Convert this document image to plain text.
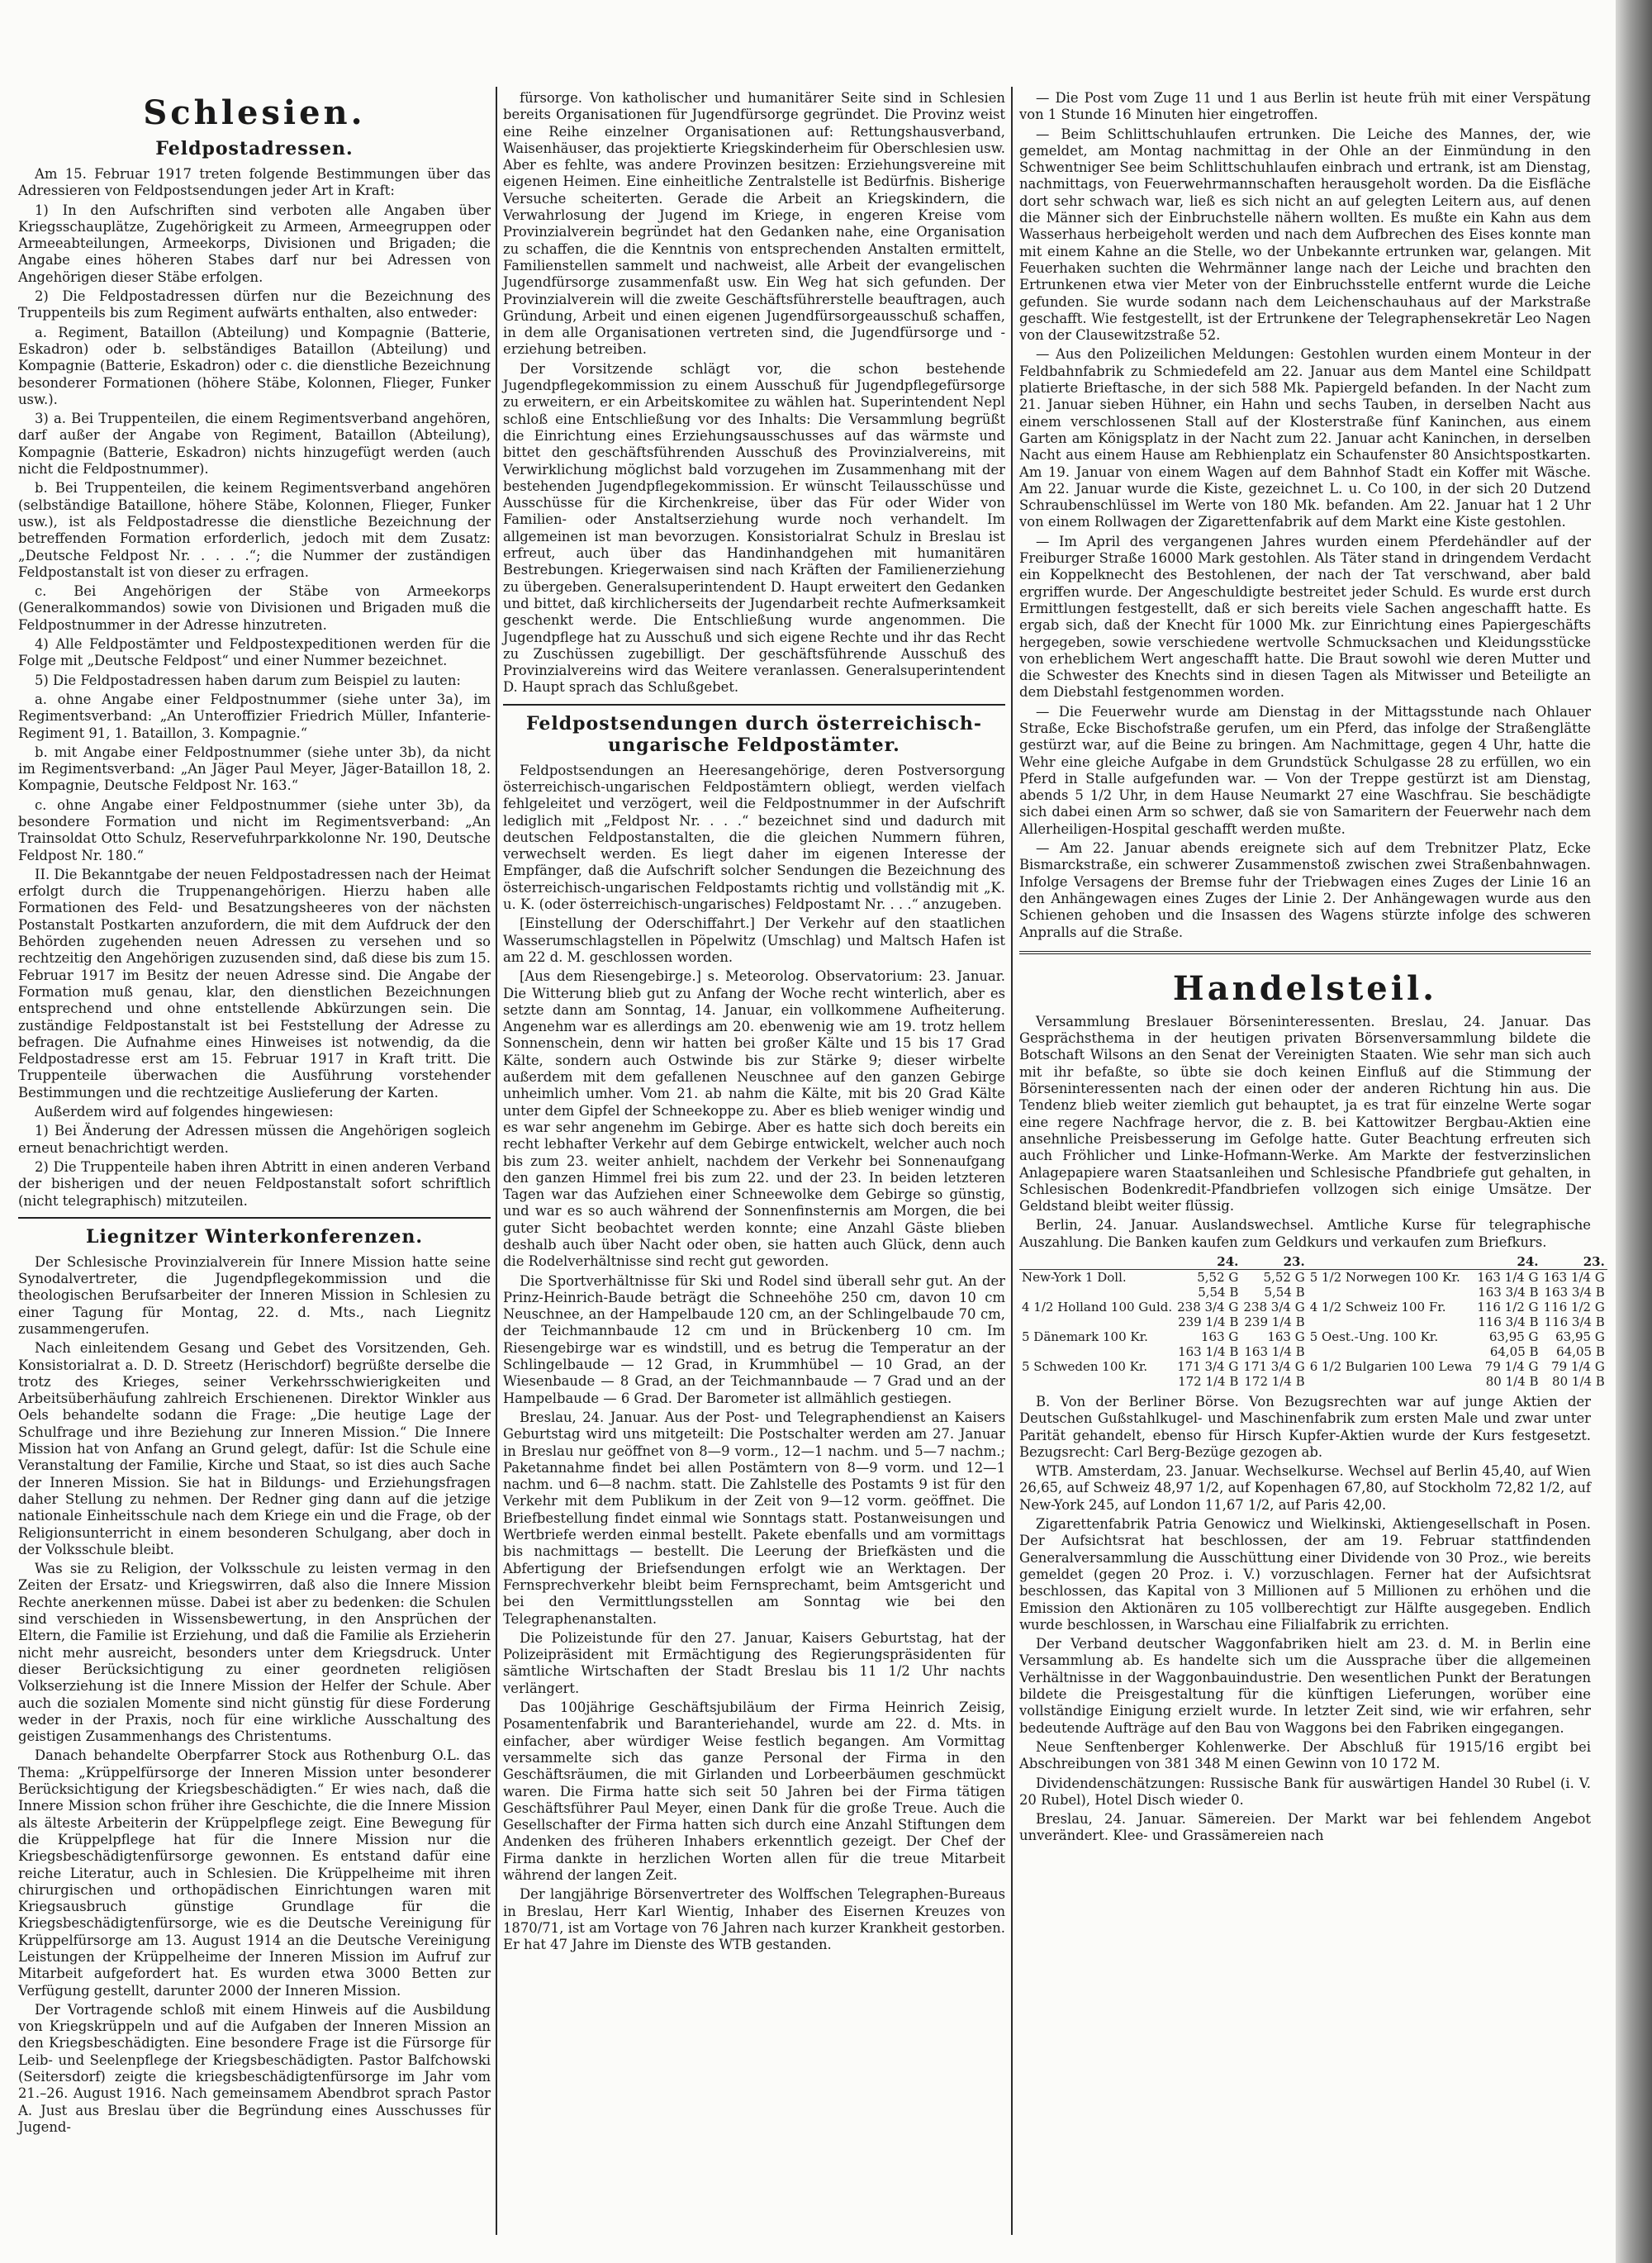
Schlesien.
Feldpostadressen.

Am 15. Februar 1917 treten folgende Bestimmungen über das Adressieren von Feldpostsendungen jeder Art in Kraft:

1) In den Aufschriften sind verboten alle Angaben über Kriegsschauplätze, Zugehörigkeit zu Armeen, Armeegruppen oder Armeeabteilungen, Armeekorps, Divisionen und Brigaden; die Angabe eines höheren Stabes darf nur bei Adressen von Angehörigen dieser Stäbe erfolgen.

2) Die Feldpostadressen dürfen nur die Bezeichnung des Truppenteils bis zum Regiment aufwärts enthalten, also entweder:

a. Regiment, Bataillon (Abteilung) und Kompagnie (Batterie, Eskadron) oder b. selbständiges Bataillon (Abteilung) und Kompagnie (Batterie, Eskadron) oder c. die dienstliche Bezeichnung besonderer Formationen (höhere Stäbe, Kolonnen, Flieger, Funker usw.).

3) a. Bei Truppenteilen, die einem Regimentsverband angehören, darf außer der Angabe von Regiment, Bataillon (Abteilung), Kompagnie (Batterie, Eskadron) nichts hinzugefügt werden (auch nicht die Feldpostnummer).

b. Bei Truppenteilen, die keinem Regimentsverband angehören (selbständige Bataillone, höhere Stäbe, Kolonnen, Flieger, Funker usw.), ist als Feldpostadresse die dienstliche Bezeichnung der betreffenden Formation erforderlich, jedoch mit dem Zusatz: „Deutsche Feldpost Nr. . . . .“; die Nummer der zuständigen Feldpostanstalt ist von dieser zu erfragen.

c. Bei Angehörigen der Stäbe von Armeekorps (Generalkommandos) sowie von Divisionen und Brigaden muß die Feldpostnummer in der Adresse hinzutreten.

4) Alle Feldpostämter und Feldpostexpeditionen werden für die Folge mit „Deutsche Feldpost“ und einer Nummer bezeichnet.

5) Die Feldpostadressen haben darum zum Beispiel zu lauten:

a. ohne Angabe einer Feldpostnummer (siehe unter 3a), im Regimentsverband: „An Unteroffizier Friedrich Müller, Infanterie-Regiment 91, 1. Bataillon, 3. Kompagnie.“

b. mit Angabe einer Feldpostnummer (siehe unter 3b), da nicht im Regimentsverband: „An Jäger Paul Meyer, Jäger-Bataillon 18, 2. Kompagnie, Deutsche Feldpost Nr. 163.“

c. ohne Angabe einer Feldpostnummer (siehe unter 3b), da besondere Formation und nicht im Regimentsverband: „An Trainsoldat Otto Schulz, Reservefuhrparkkolonne Nr. 190, Deutsche Feldpost Nr. 180.“

II. Die Bekanntgabe der neuen Feldpostadressen nach der Heimat erfolgt durch die Truppenangehörigen. Hierzu haben alle Formationen des Feld- und Besatzungsheeres von der nächsten Postanstalt Postkarten anzufordern, die mit dem Aufdruck der den Behörden zugehenden neuen Adressen zu versehen und so rechtzeitig den Angehörigen zuzusenden sind, daß diese bis zum 15. Februar 1917 im Besitz der neuen Adresse sind. Die Angabe der Formation muß genau, klar, den dienstlichen Bezeichnungen entsprechend und ohne entstellende Abkürzungen sein. Die zuständige Feldpostanstalt ist bei Feststellung der Adresse zu befragen. Die Aufnahme eines Hinweises ist notwendig, da die Feldpostadresse erst am 15. Februar 1917 in Kraft tritt. Die Truppenteile überwachen die Ausführung vorstehender Bestimmungen und die rechtzeitige Auslieferung der Karten.

Außerdem wird auf folgendes hingewiesen:

1) Bei Änderung der Adressen müssen die Angehörigen sogleich erneut benachrichtigt werden.

2) Die Truppenteile haben ihren Abtritt in einen anderen Verband der bisherigen und der neuen Feldpostanstalt sofort schriftlich (nicht telegraphisch) mitzuteilen.

Liegnitzer Winterkonferenzen.

Der Schlesische Provinzialverein für Innere Mission hatte seine Synodalvertreter, die Jugendpflegekommission und die theologischen Berufsarbeiter der Inneren Mission in Schlesien zu einer Tagung für Montag, 22. d. Mts., nach Liegnitz zusammengerufen.

Nach einleitendem Gesang und Gebet des Vorsitzenden, Geh. Konsistorialrat a. D. D. Streetz (Herischdorf) begrüßte derselbe die trotz des Krieges, seiner Verkehrsschwierigkeiten und Arbeitsüberhäufung zahlreich Erschienenen. Direktor Winkler aus Oels behandelte sodann die Frage: „Die heutige Lage der Schulfrage und ihre Beziehung zur Inneren Mission.“ Die Innere Mission hat von Anfang an Grund gelegt, dafür: Ist die Schule eine Veranstaltung der Familie, Kirche und Staat, so ist dies auch Sache der Inneren Mission. Sie hat in Bildungs- und Erziehungsfragen daher Stellung zu nehmen. Der Redner ging dann auf die jetzige nationale Einheitsschule nach dem Kriege ein und die Frage, ob der Religionsunterricht in einem besonderen Schulgang, aber doch in der Volksschule bleibt.

Was sie zu Religion, der Volksschule zu leisten vermag in den Zeiten der Ersatz- und Kriegswirren, daß also die Innere Mission Rechte anerkennen müsse. Dabei ist aber zu bedenken: die Schulen sind verschieden in Wissensbewertung, in den Ansprüchen der Eltern, die Familie ist Erziehung, und daß die Familie als Erzieherin nicht mehr ausreicht, besonders unter dem Kriegsdruck. Unter dieser Berücksichtigung zu einer geordneten religiösen Volkserziehung ist die Innere Mission der Helfer der Schule. Aber auch die sozialen Momente sind nicht günstig für diese Forderung weder in der Praxis, noch für eine wirkliche Ausschaltung des geistigen Zusammenhangs des Christentums.

Danach behandelte Oberpfarrer Stock aus Rothenburg O.L. das Thema: „Krüppelfürsorge der Inneren Mission unter besonderer Berücksichtigung der Kriegsbeschädigten.“ Er wies nach, daß die Innere Mission schon früher ihre Geschichte, die die Innere Mission als älteste Arbeiterin der Krüppelpflege zeigt. Eine Bewegung für die Krüppelpflege hat für die Innere Mission nur die Kriegsbeschädigtenfürsorge gewonnen. Es entstand dafür eine reiche Literatur, auch in Schlesien. Die Krüppelheime mit ihren chirurgischen und orthopädischen Einrichtungen waren mit Kriegsausbruch günstige Grundlage für die Kriegsbeschädigtenfürsorge, wie es die Deutsche Vereinigung für Krüppelfürsorge am 13. August 1914 an die Deutsche Vereinigung Leistungen der Krüppelheime der Inneren Mission im Aufruf zur Mitarbeit aufgefordert hat. Es wurden etwa 3000 Betten zur Verfügung gestellt, darunter 2000 der Inneren Mission.

Der Vortragende schloß mit einem Hinweis auf die Ausbildung von Kriegskrüppeln und auf die Aufgaben der Inneren Mission an den Kriegsbeschädigten. Eine besondere Frage ist die Fürsorge für Leib- und Seelenpflege der Kriegsbeschädigten. Pastor Balfchowski (Seitersdorf) zeigte die kriegsbeschädigtenfürsorge im Jahr vom 21.–26. August 1916. Nach gemeinsamem Abendbrot sprach Pastor A. Just aus Breslau über die Begründung eines Ausschusses für Jugend-

fürsorge. Von katholischer und humanitärer Seite sind in Schlesien bereits Organisationen für Jugendfürsorge gegründet. Die Provinz weist eine Reihe einzelner Organisationen auf: Rettungshausverband, Waisenhäuser, das projektierte Kriegskinderheim für Oberschlesien usw. Aber es fehlte, was andere Provinzen besitzen: Erziehungsvereine mit eigenen Heimen. Eine einheitliche Zentralstelle ist Bedürfnis. Bisherige Versuche scheiterten. Gerade die Arbeit an Kriegskindern, die Verwahrlosung der Jugend im Kriege, in engeren Kreise vom Provinzialverein begründet hat den Gedanken nahe, eine Organisation zu schaffen, die die Kenntnis von entsprechenden Anstalten ermittelt, Familienstellen sammelt und nachweist, alle Arbeit der evangelischen Jugendfürsorge zusammenfaßt usw. Ein Weg hat sich gefunden. Der Provinzialverein will die zweite Geschäftsführerstelle beauftragen, auch Gründung, Arbeit und einen eigenen Jugendfürsorgeausschuß schaffen, in dem alle Organisationen vertreten sind, die Jugendfürsorge und -erziehung betreiben.

Der Vorsitzende schlägt vor, die schon bestehende Jugendpflegekommission zu einem Ausschuß für Jugendpflegefürsorge zu erweitern, er ein Arbeitskomitee zu wählen hat. Superintendent Nepl schloß eine Entschließung vor des Inhalts: Die Versammlung begrüßt die Einrichtung eines Erziehungsausschusses auf das wärmste und bittet den geschäftsführenden Ausschuß des Provinzialvereins, mit Verwirklichung möglichst bald vorzugehen im Zusammenhang mit der bestehenden Jugendpflegekommission. Er wünscht Teilausschüsse und Ausschüsse für die Kirchenkreise, über das Für oder Wider von Familien- oder Anstaltserziehung wurde noch verhandelt. Im allgemeinen ist man bevorzugen. Konsistorialrat Schulz in Breslau ist erfreut, auch über das Handinhandgehen mit humanitären Bestrebungen. Kriegerwaisen sind nach Kräften der Familienerziehung zu übergeben. Generalsuperintendent D. Haupt erweitert den Gedanken und bittet, daß kirchlicherseits der Jugendarbeit rechte Aufmerksamkeit geschenkt werde. Die Entschließung wurde angenommen. Die Jugendpflege hat zu Ausschuß und sich eigene Rechte und ihr das Recht zu Zuschüssen zugebilligt. Der geschäftsführende Ausschuß des Provinzialvereins wird das Weitere veranlassen. Generalsuperintendent D. Haupt sprach das Schlußgebet.

Feldpostsendungen durch österreichisch-ungarische Feldpostämter.

Feldpostsendungen an Heeresangehörige, deren Postversorgung österreichisch-ungarischen Feldpostämtern obliegt, werden vielfach fehlgeleitet und verzögert, weil die Feldpostnummer in der Aufschrift lediglich mit „Feldpost Nr. . . .“ bezeichnet sind und dadurch mit deutschen Feldpostanstalten, die die gleichen Nummern führen, verwechselt werden. Es liegt daher im eigenen Interesse der Empfänger, daß die Aufschrift solcher Sendungen die Bezeichnung des österreichisch-ungarischen Feldpostamts richtig und vollständig mit „K. u. K. (oder österreichisch-ungarisches) Feldpostamt Nr. . . .“ anzugeben.

[Einstellung der Oderschiffahrt.] Der Verkehr auf den staatlichen Wasserumschlagstellen in Pöpelwitz (Umschlag) und Maltsch Hafen ist am 22 d. M. geschlossen worden.

[Aus dem Riesengebirge.] s. Meteorolog. Observatorium: 23. Januar. Die Witterung blieb gut zu Anfang der Woche recht winterlich, aber es setzte dann am Sonntag, 14. Januar, ein vollkommene Aufheiterung. Angenehm war es allerdings am 20. ebenwenig wie am 19. trotz hellem Sonnenschein, denn wir hatten bei großer Kälte und 15 bis 17 Grad Kälte, sondern auch Ostwinde bis zur Stärke 9; dieser wirbelte außerdem mit dem gefallenen Neuschnee auf den ganzen Gebirge unheimlich umher. Vom 21. ab nahm die Kälte, mit bis 20 Grad Kälte unter dem Gipfel der Schneekoppe zu. Aber es blieb weniger windig und es war sehr angenehm im Gebirge. Aber es hatte sich doch bereits ein recht lebhafter Verkehr auf dem Gebirge entwickelt, welcher auch noch bis zum 23. weiter anhielt, nachdem der Verkehr bei Sonnenaufgang den ganzen Himmel frei bis zum 22. und der 23. In beiden letzteren Tagen war das Aufziehen einer Schneewolke dem Gebirge so günstig, und war es so auch während der Sonnenfinsternis am Morgen, die bei guter Sicht beobachtet werden konnte; eine Anzahl Gäste blieben deshalb auch über Nacht oder oben, sie hatten auch Glück, denn auch die Rodelverhältnisse sind recht gut geworden.

Die Sportverhältnisse für Ski und Rodel sind überall sehr gut. An der Prinz-Heinrich-Baude beträgt die Schneehöhe 250 cm, davon 10 cm Neuschnee, an der Hampelbaude 120 cm, an der Schlingelbaude 70 cm, der Teichmannbaude 12 cm und in Brückenberg 10 cm. Im Riesengebirge war es windstill, und es betrug die Temperatur an der Schlingelbaude — 12 Grad, in Krummhübel — 10 Grad, an der Wiesenbaude — 8 Grad, an der Teichmannbaude — 7 Grad und an der Hampelbaude — 6 Grad. Der Barometer ist allmählich gestiegen.

Breslau, 24. Januar. Aus der Post- und Telegraphendienst an Kaisers Geburtstag wird uns mitgeteilt: Die Postschalter werden am 27. Januar in Breslau nur geöffnet von 8—9 vorm., 12—1 nachm. und 5—7 nachm.; Paketannahme findet bei allen Postämtern von 8—9 vorm. und 12—1 nachm. und 6—8 nachm. statt. Die Zahlstelle des Postamts 9 ist für den Verkehr mit dem Publikum in der Zeit von 9—12 vorm. geöffnet. Die Briefbestellung findet einmal wie Sonntags statt. Postanweisungen und Wertbriefe werden einmal bestellt. Pakete ebenfalls und am vormittags bis nachmittags — bestellt. Die Leerung der Briefkästen und die Abfertigung der Briefsendungen erfolgt wie an Werktagen. Der Fernsprechverkehr bleibt beim Fernsprechamt, beim Amtsgericht und bei den Vermittlungsstellen am Sonntag wie bei den Telegraphenanstalten.

Die Polizeistunde für den 27. Januar, Kaisers Geburtstag, hat der Polizeipräsident mit Ermächtigung des Regierungspräsidenten für sämtliche Wirtschaften der Stadt Breslau bis 11 1/2 Uhr nachts verlängert.

Das 100jährige Geschäftsjubiläum der Firma Heinrich Zeisig, Posamentenfabrik und Baranteriehandel, wurde am 22. d. Mts. in einfacher, aber würdiger Weise festlich begangen. Am Vormittag versammelte sich das ganze Personal der Firma in den Geschäftsräumen, die mit Girlanden und Lorbeerbäumen geschmückt waren. Die Firma hatte sich seit 50 Jahren bei der Firma tätigen Geschäftsführer Paul Meyer, einen Dank für die große Treue. Auch die Gesellschafter der Firma hatten sich durch eine Anzahl Stiftungen dem Andenken des früheren Inhabers erkenntlich gezeigt. Der Chef der Firma dankte in herzlichen Worten allen für die treue Mitarbeit während der langen Zeit.

Der langjährige Börsenvertreter des Wolffschen Telegraphen-Bureaus in Breslau, Herr Karl Wientig, Inhaber des Eisernen Kreuzes von 1870/71, ist am Vortage von 76 Jahren nach kurzer Krankheit gestorben. Er hat 47 Jahre im Dienste des WTB gestanden.

— Die Post vom Zuge 11 und 1 aus Berlin ist heute früh mit einer Verspätung von 1 Stunde 16 Minuten hier eingetroffen.

— Beim Schlittschuhlaufen ertrunken. Die Leiche des Mannes, der, wie gemeldet, am Montag nachmittag in der Ohle an der Einmündung in den Schwentniger See beim Schlittschuhlaufen einbrach und ertrank, ist am Dienstag, nachmittags, von Feuerwehrmannschaften herausgeholt worden. Da die Eisfläche dort sehr schwach war, ließ es sich nicht an auf gelegten Leitern aus, auf denen die Männer sich der Einbruchstelle nähern wollten. Es mußte ein Kahn aus dem Wasserhaus herbeigeholt werden und nach dem Aufbrechen des Eises konnte man mit einem Kahne an die Stelle, wo der Unbekannte ertrunken war, gelangen. Mit Feuerhaken suchten die Wehrmänner lange nach der Leiche und brachten den Ertrunkenen etwa vier Meter von der Einbruchsstelle entfernt wurde die Leiche gefunden. Sie wurde sodann nach dem Leichenschauhaus auf der Markstraße geschafft. Wie festgestellt, ist der Ertrunkene der Telegraphensekretär Leo Nagen von der Clausewitzstraße 52.

— Aus den Polizeilichen Meldungen: Gestohlen wurden einem Monteur in der Feldbahnfabrik zu Schmiedefeld am 22. Januar aus dem Mantel eine Schildpatt platierte Brieftasche, in der sich 588 Mk. Papiergeld befanden. In der Nacht zum 21. Januar sieben Hühner, ein Hahn und sechs Tauben, in derselben Nacht aus einem verschlossenen Stall auf der Klosterstraße fünf Kaninchen, aus einem Garten am Königsplatz in der Nacht zum 22. Januar acht Kaninchen, in derselben Nacht aus einem Hause am Rebhienplatz ein Schaufenster 80 Ansichtspostkarten. Am 19. Januar von einem Wagen auf dem Bahnhof Stadt ein Koffer mit Wäsche. Am 22. Januar wurde die Kiste, gezeichnet L. u. Co 100, in der sich 20 Dutzend Schraubenschlüssel im Werte von 180 Mk. befanden. Am 22. Januar hat 1 2 Uhr von einem Rollwagen der Zigarettenfabrik auf dem Markt eine Kiste gestohlen.

— Im April des vergangenen Jahres wurden einem Pferdehändler auf der Freiburger Straße 16000 Mark gestohlen. Als Täter stand in dringendem Verdacht ein Koppelknecht des Bestohlenen, der nach der Tat verschwand, aber bald ergriffen wurde. Der Angeschuldigte bestreitet jeder Schuld. Es wurde erst durch Ermittlungen festgestellt, daß er sich bereits viele Sachen angeschafft hatte. Es ergab sich, daß der Knecht für 1000 Mk. zur Einrichtung eines Papiergeschäfts hergegeben, sowie verschiedene wertvolle Schmucksachen und Kleidungsstücke von erheblichem Wert angeschafft hatte. Die Braut sowohl wie deren Mutter und die Schwester des Knechts sind in diesen Tagen als Mitwisser und Beteiligte an dem Diebstahl festgenommen worden.

— Die Feuerwehr wurde am Dienstag in der Mittagsstunde nach Ohlauer Straße, Ecke Bischofstraße gerufen, um ein Pferd, das infolge der Straßenglätte gestürzt war, auf die Beine zu bringen. Am Nachmittage, gegen 4 Uhr, hatte die Wehr eine gleiche Aufgabe in dem Grundstück Schulgasse 28 zu erfüllen, wo ein Pferd in Stalle aufgefunden war. — Von der Treppe gestürzt ist am Dienstag, abends 5 1/2 Uhr, in dem Hause Neumarkt 27 eine Waschfrau. Sie beschädigte sich dabei einen Arm so schwer, daß sie von Samaritern der Feuerwehr nach dem Allerheiligen-Hospital geschafft werden mußte.

— Am 22. Januar abends ereignete sich auf dem Trebnitzer Platz, Ecke Bismarckstraße, ein schwerer Zusammenstoß zwischen zwei Straßenbahnwagen. Infolge Versagens der Bremse fuhr der Triebwagen eines Zuges der Linie 16 an den Anhängewagen eines Zuges der Linie 2. Der Anhängewagen wurde aus den Schienen gehoben und die Insassen des Wagens stürzte infolge des schweren Anpralls auf die Straße.

Handelsteil.

Versammlung Breslauer Börseninteressenten. Breslau, 24. Januar. Das Gesprächsthema in der heutigen privaten Börsenversammlung bildete die Botschaft Wilsons an den Senat der Vereinigten Staaten. Wie sehr man sich auch mit ihr befaßte, so übte sie doch keinen Einfluß auf die Stimmung der Börseninteressenten nach der einen oder der anderen Richtung hin aus. Die Tendenz blieb weiter ziemlich gut behauptet, ja es trat für einzelne Werte sogar eine regere Nachfrage hervor, die z. B. bei Kattowitzer Bergbau-Aktien eine ansehnliche Preisbesserung im Gefolge hatte. Guter Beachtung erfreuten sich auch Fröhlicher und Linke-Hofmann-Werke. Am Markte der festverzinslichen Anlagepapiere waren Staatsanleihen und Schlesische Pfandbriefe gut gehalten, in Schlesischen Bodenkredit-Pfandbriefen vollzogen sich einige Umsätze. Der Geldstand bleibt weiter flüssig.

Berlin, 24. Januar. Auslandswechsel. Amtliche Kurse für telegraphische Auszahlung. Die Banken kaufen zum Geldkurs und verkaufen zum Briefkurs.

	24.	23.		24.	23.
New-York 1 Doll.	5,52 G	5,52 G	5 1/2 Norwegen 100 Kr.	163 1/4 G	163 1/4 G
	5,54 B	5,54 B		163 3/4 B	163 3/4 B
4 1/2 Holland 100 Guld.	238 3/4 G	238 3/4 G	4 1/2 Schweiz 100 Fr.	116 1/2 G	116 1/2 G
	239 1/4 B	239 1/4 B		116 3/4 B	116 3/4 B
5 Dänemark 100 Kr.	163 G	163 G	5 Oest.-Ung. 100 Kr.	63,95 G	63,95 G
	163 1/4 B	163 1/4 B		64,05 B	64,05 B
5 Schweden 100 Kr.	171 3/4 G	171 3/4 G	6 1/2 Bulgarien 100 Lewa	79 1/4 G	79 1/4 G
	172 1/4 B	172 1/4 B		80 1/4 B	80 1/4 B

B. Von der Berliner Börse. Von Bezugsrechten war auf junge Aktien der Deutschen Gußstahlkugel- und Maschinenfabrik zum ersten Male und zwar unter Parität gehandelt, ebenso für Hirsch Kupfer-Aktien wurde der Kurs festgesetzt. Bezugsrecht: Carl Berg-Bezüge gezogen ab.

WTB. Amsterdam, 23. Januar. Wechselkurse. Wechsel auf Berlin 45,40, auf Wien 26,65, auf Schweiz 48,97 1/2, auf Kopenhagen 67,80, auf Stockholm 72,82 1/2, auf New-York 245, auf London 11,67 1/2, auf Paris 42,00.

Zigarettenfabrik Patria Genowicz und Wielkinski, Aktiengesellschaft in Posen. Der Aufsichtsrat hat beschlossen, der am 19. Februar stattfindenden Generalversammlung die Ausschüttung einer Dividende von 30 Proz., wie bereits gemeldet (gegen 20 Proz. i. V.) vorzuschlagen. Ferner hat der Aufsichtsrat beschlossen, das Kapital von 3 Millionen auf 5 Millionen zu erhöhen und die Emission den Aktionären zu 105 vollberechtigt zur Hälfte ausgegeben. Endlich wurde beschlossen, in Warschau eine Filialfabrik zu errichten.

Der Verband deutscher Waggonfabriken hielt am 23. d. M. in Berlin eine Versammlung ab. Es handelte sich um die Aussprache über die allgemeinen Verhältnisse in der Waggonbauindustrie. Den wesentlichen Punkt der Beratungen bildete die Preisgestaltung für die künftigen Lieferungen, worüber eine vollständige Einigung erzielt wurde. In letzter Zeit sind, wie wir erfahren, sehr bedeutende Aufträge auf den Bau von Waggons bei den Fabriken eingegangen.

Neue Senftenberger Kohlenwerke. Der Abschluß für 1915/16 ergibt bei Abschreibungen von 381 348 M einen Gewinn von 10 172 M.

Dividendenschätzungen: Russische Bank für auswärtigen Handel 30 Rubel (i. V. 20 Rubel), Hotel Disch wieder 0.

Breslau, 24. Januar. Sämereien. Der Markt war bei fehlendem Angebot unverändert. Klee- und Grassämereien nach
